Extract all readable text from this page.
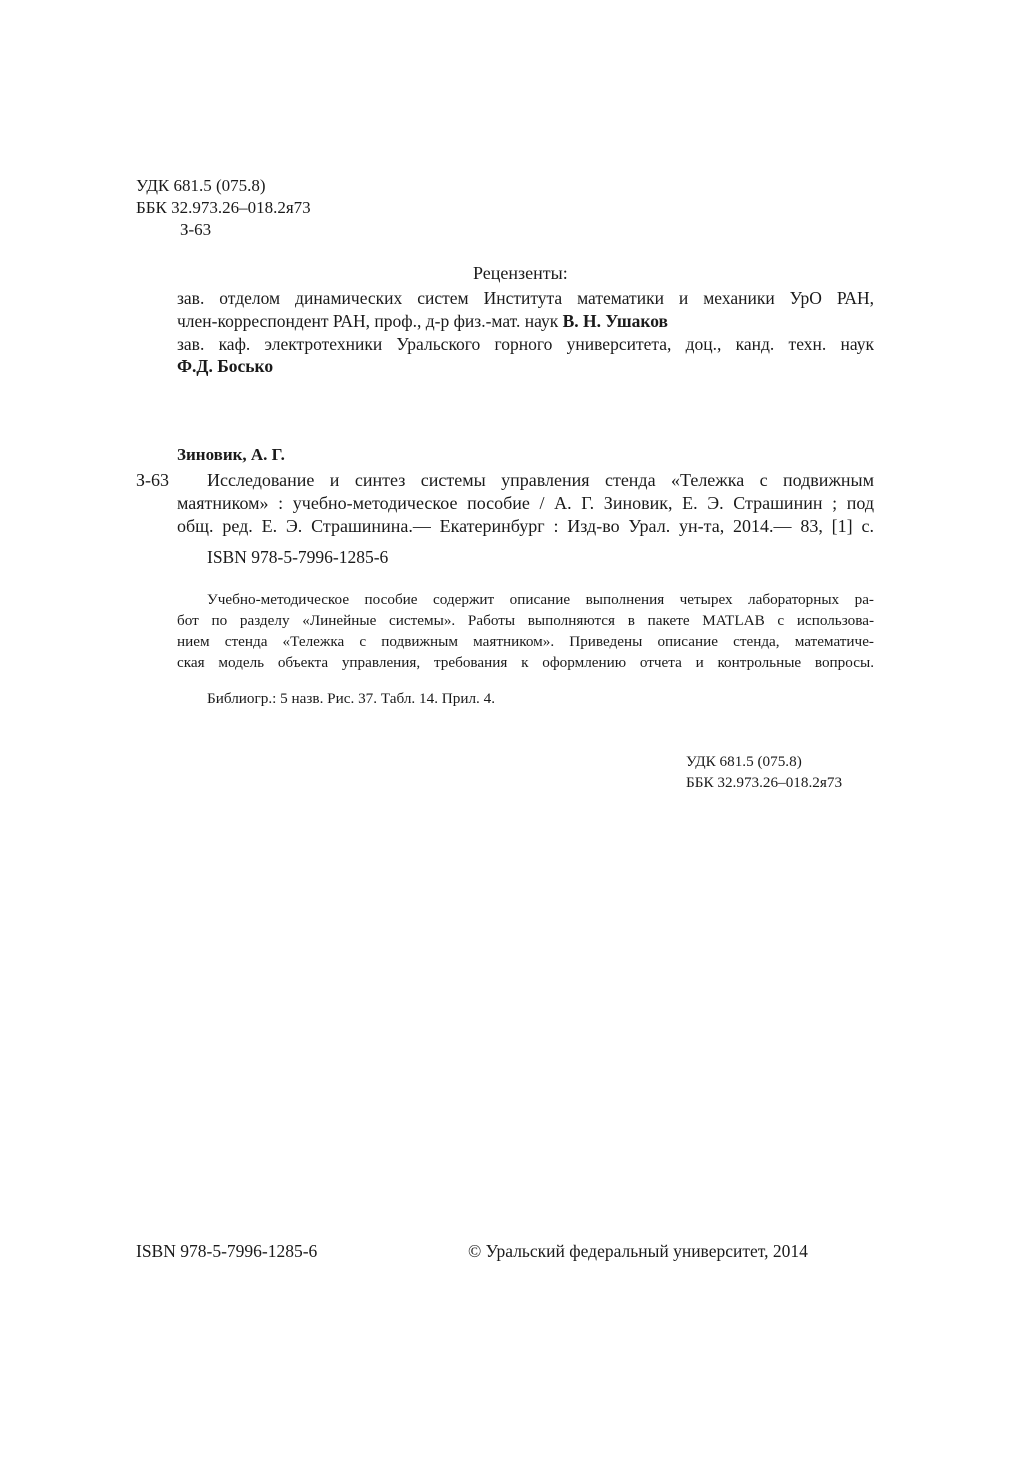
УДК 681.5 (075.8)
ББК 32.973.26–018.2я73
З-63
Рецензенты:
зав. отделом динамических систем Института математики и механики УрО РАН,
член-корреспондент РАН, проф., д-р физ.-мат. наук В. Н. Ушаков
зав. каф. электротехники Уральского горного университета, доц., канд. техн. наук
Ф.Д. Босько
Зиновик, А. Г.
З-63 Исследование и синтез системы управления стенда «Тележка с подвижным
маятником» : учебно-методическое пособие / А. Г. Зиновик, Е. Э. Страшинин ; под
общ. ред. Е. Э. Страшинина.— Екатеринбург : Изд-во Урал. ун-та, 2014.— 83, [1] с.
ISBN 978-5-7996-1285-6
Учебно-методическое пособие содержит описание выполнения четырех лабораторных ра-
бот по разделу «Линейные системы». Работы выполняются в пакете MATLAB с использова-
нием стенда «Тележка с подвижным маятником». Приведены описание стенда, математиче-
ская модель объекта управления, требования к оформлению отчета и контрольные вопросы.
Библиогр.: 5 назв. Рис. 37. Табл. 14. Прил. 4.
УДК 681.5 (075.8)
ББК 32.973.26–018.2я73
ISBN 978-5-7996-1285-6	© Уральский федеральный университет, 2014
